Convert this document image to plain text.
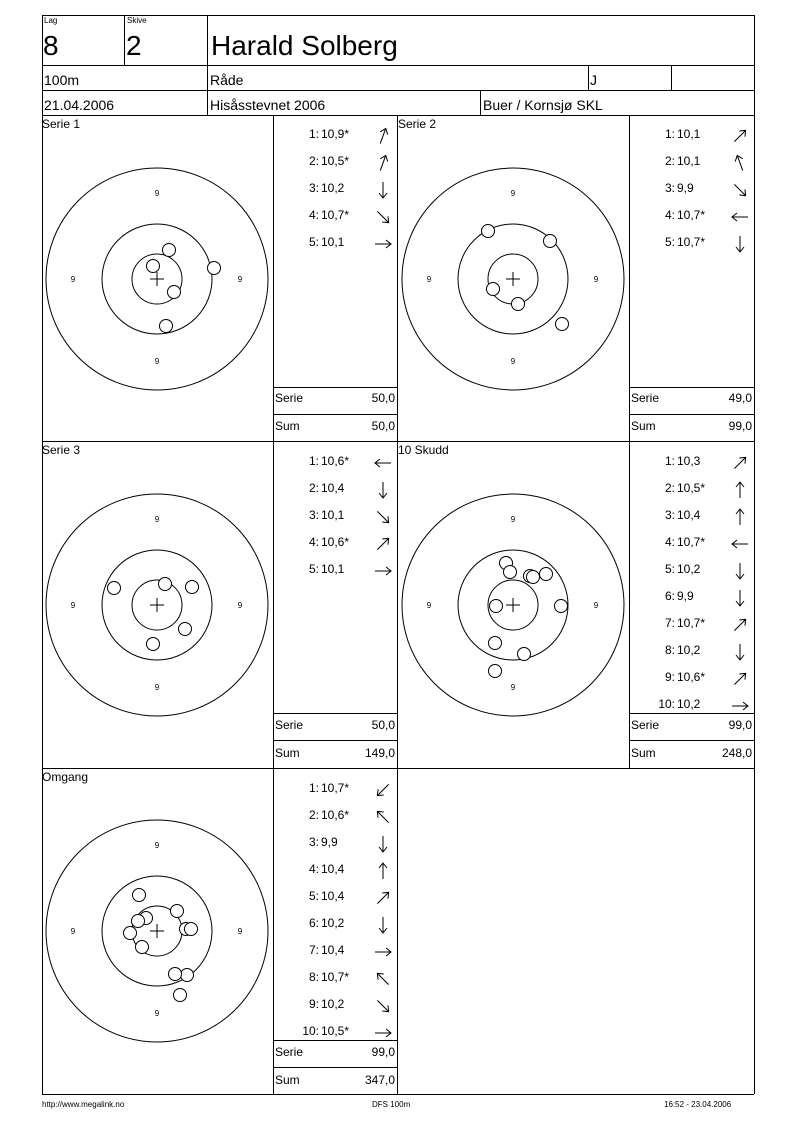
Lag
8
Skive
2 Harald Solberg
100m	Råde	J
21.04.2006	Hisåsstevnet 2006	Buer / Kornsjø SKL
Serie 1
9
9
9	9
1: 10,9*
2: 10,5*
3: 10,2
4: 10,7*
5: 10,1
Serie	50,0
Sum	50,0
Serie 2
9
9
9	9
1: 10,1
2: 10,1
3: 9,9
4: 10,7*
5: 10,7*
Serie	49,0
Sum	99,0
Serie 3
9
9
9	9
1: 10,6*
2: 10,4
3: 10,1
4: 10,6*
5: 10,1
Serie	50,0
Sum	149,0
10 Skudd
9
9
9	9
1: 10,3
2: 10,5*
3: 10,4
4: 10,7*
5: 10,2
6: 9,9
7: 10,7*
8: 10,2
9: 10,6*
10: 10,2
Serie	99,0
Sum	248,0
Omgang
9
9
9	9
1: 10,7*
2: 10,6*
3: 9,9
4: 10,4
5: 10,4
6: 10,2
7: 10,4
8: 10,7*
9: 10,2
10: 10,5*
Serie	99,0
Sum	347,0
http://www.megalink.no	DFS 100m	16:52 - 23.04.2006
